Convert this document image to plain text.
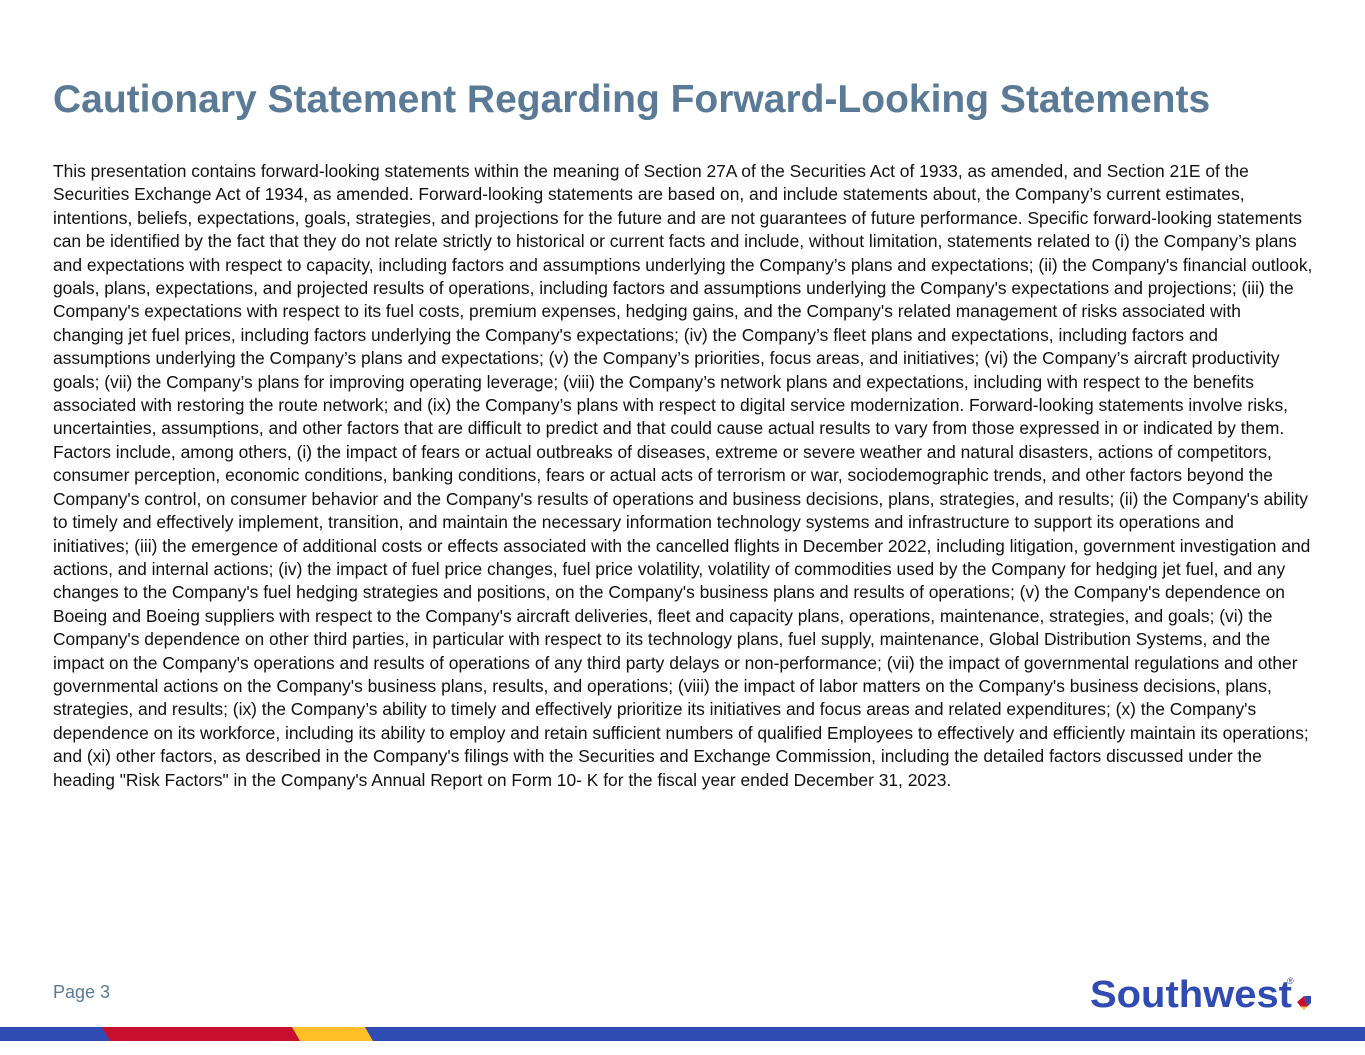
Cautionary Statement Regarding Forward-Looking Statements

This presentation contains forward-looking statements within the meaning of Section 27A of the Securities Act of 1933, as amended, and Section 21E of the Securities Exchange Act of 1934, as amended. Forward-looking statements are based on, and include statements about, the Company’s current estimates, intentions, beliefs, expectations, goals, strategies, and projections for the future and are not guarantees of future performance. Specific forward-looking statements can be identified by the fact that they do not relate strictly to historical or current facts and include, without limitation, statements related to (i) the Company’s plans and expectations with respect to capacity, including factors and assumptions underlying the Company’s plans and expectations; (ii) the Company's financial outlook, goals, plans, expectations, and projected results of operations, including factors and assumptions underlying the Company's expectations and projections; (iii) the Company's expectations with respect to its fuel costs, premium expenses, hedging gains, and the Company's related management of risks associated with changing jet fuel prices, including factors underlying the Company's expectations; (iv) the Company’s fleet plans and expectations, including factors and assumptions underlying the Company’s plans and expectations; (v) the Company’s priorities, focus areas, and initiatives; (vi) the Company’s aircraft productivity goals; (vii) the Company’s plans for improving operating leverage; (viii) the Company’s network plans and expectations, including with respect to the benefits associated with restoring the route network; and (ix) the Company’s plans with respect to digital service modernization. Forward-looking statements involve risks, uncertainties, assumptions, and other factors that are difficult to predict and that could cause actual results to vary from those expressed in or indicated by them. Factors include, among others, (i) the impact of fears or actual outbreaks of diseases, extreme or severe weather and natural disasters, actions of competitors, consumer perception, economic conditions, banking conditions, fears or actual acts of terrorism or war, sociodemographic trends, and other factors beyond the Company's control, on consumer behavior and the Company's results of operations and business decisions, plans, strategies, and results; (ii) the Company's ability to timely and effectively implement, transition, and maintain the necessary information technology systems and infrastructure to support its operations and initiatives; (iii) the emergence of additional costs or effects associated with the cancelled flights in December 2022, including litigation, government investigation and actions, and internal actions; (iv) the impact of fuel price changes, fuel price volatility, volatility of commodities used by the Company for hedging jet fuel, and any changes to the Company's fuel hedging strategies and positions, on the Company's business plans and results of operations; (v) the Company's dependence on Boeing and Boeing suppliers with respect to the Company's aircraft deliveries, fleet and capacity plans, operations, maintenance, strategies, and goals; (vi) the Company's dependence on other third parties, in particular with respect to its technology plans, fuel supply, maintenance, Global Distribution Systems, and the impact on the Company's operations and results of operations of any third party delays or non-performance; (vii) the impact of governmental regulations and other governmental actions on the Company's business plans, results, and operations; (viii) the impact of labor matters on the Company's business decisions, plans, strategies, and results; (ix) the Company’s ability to timely and effectively prioritize its initiatives and focus areas and related expenditures; (x) the Company's dependence on its workforce, including its ability to employ and retain sufficient numbers of qualified Employees to effectively and efficiently maintain its operations; and (xi) other factors, as described in the Company's filings with the Securities and Exchange Commission, including the detailed factors discussed under the heading "Risk Factors" in the Company's Annual Report on Form 10- K for the fiscal year ended December 31, 2023.

Page 3	Southwest
®
